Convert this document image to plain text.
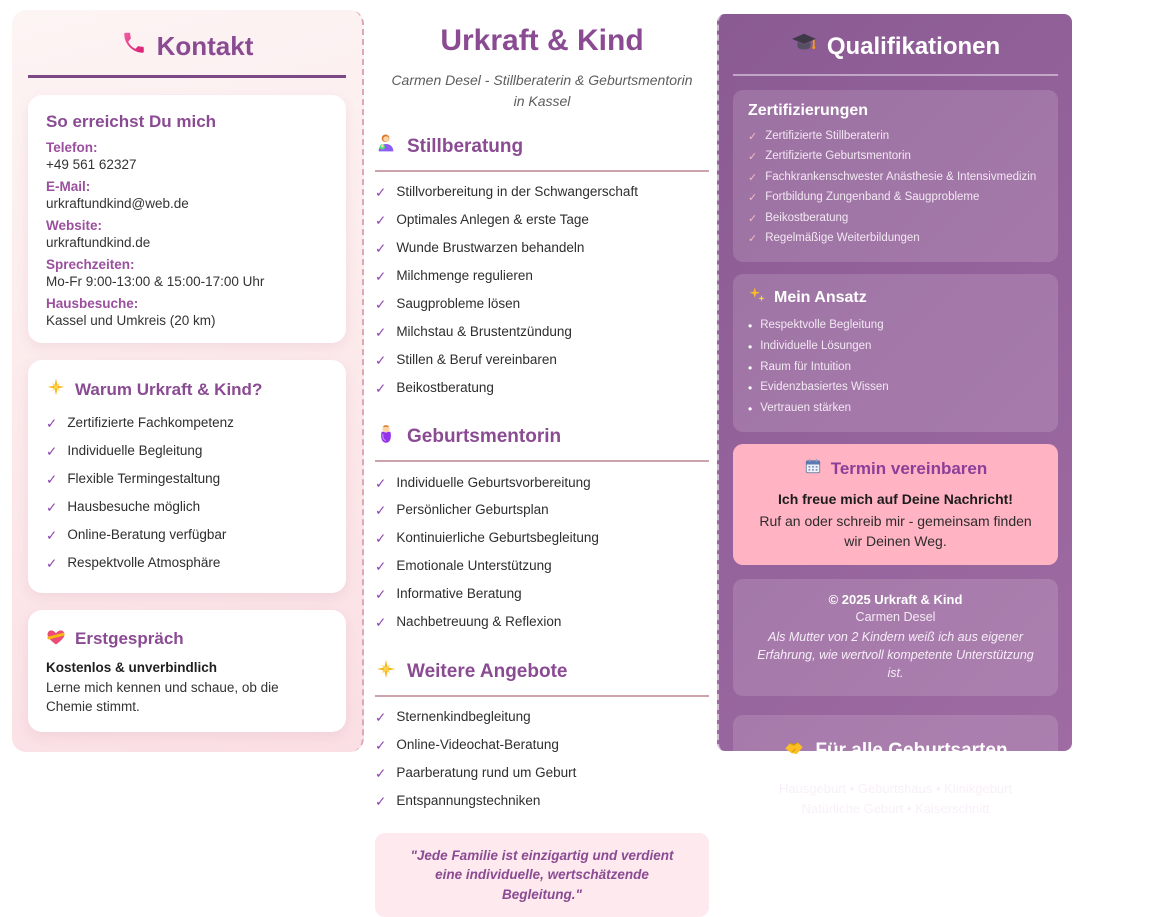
Kontakt
So erreichst Du mich
Telefon:
+49 561 62327
E-Mail:
urkraftundkind@web.de
Website:
urkraftundkind.de
Sprechzeiten:
Mo-Fr 9:00-13:00 & 15:00-17:00 Uhr
Hausbesuche:
Kassel und Umkreis (20 km)
Warum Urkraft & Kind?
✓ Zertifizierte Fachkompetenz
✓ Individuelle Begleitung
✓ Flexible Termingestaltung
✓ Hausbesuche möglich
✓ Online-Beratung verfügbar
✓ Respektvolle Atmosphäre
Erstgespräch
Kostenlos & unverbindlich
Lerne mich kennen und schaue, ob die Chemie stimmt.
Urkraft & Kind
Carmen Desel - Stillberaterin & Geburtsmentorin in Kassel
Stillberatung
✓ Stillvorbereitung in der Schwangerschaft
✓ Optimales Anlegen & erste Tage
✓ Wunde Brustwarzen behandeln
✓ Milchmenge regulieren
✓ Saugprobleme lösen
✓ Milchstau & Brustentzündung
✓ Stillen & Beruf vereinbaren
✓ Beikostberatung
Geburtsmentorin
✓ Individuelle Geburtsvorbereitung
✓ Persönlicher Geburtsplan
✓ Kontinuierliche Geburtsbegleitung
✓ Emotionale Unterstützung
✓ Informative Beratung
✓ Nachbetreuung & Reflexion
Weitere Angebote
✓ Sternenkindbegleitung
✓ Online-Videochat-Beratung
✓ Paarberatung rund um Geburt
✓ Entspannungstechniken
"Jede Familie ist einzigartig und verdient eine individuelle, wertschätzende Begleitung."
Qualifikationen
Zertifizierungen
✓ Zertifizierte Stillberaterin
✓ Zertifizierte Geburtsmentorin
✓ Fachkrankenschwester Anästhesie & Intensivmedizin
✓ Fortbildung Zungenband & Saugprobleme
✓ Beikostberatung
✓ Regelmäßige Weiterbildungen
Mein Ansatz
• Respektvolle Begleitung
• Individuelle Lösungen
• Raum für Intuition
• Evidenzbasiertes Wissen
• Vertrauen stärken
Termin vereinbaren
Ich freue mich auf Deine Nachricht!
Ruf an oder schreib mir - gemeinsam finden wir Deinen Weg.
© 2025 Urkraft & Kind
Carmen Desel
Als Mutter von 2 Kindern weiß ich aus eigener Erfahrung, wie wertvoll kompetente Unterstützung ist.
Für alle Geburtsarten
Hausgeburt • Geburtshaus • Klinikgeburt
Natürliche Geburt • Kaiserschnitt
